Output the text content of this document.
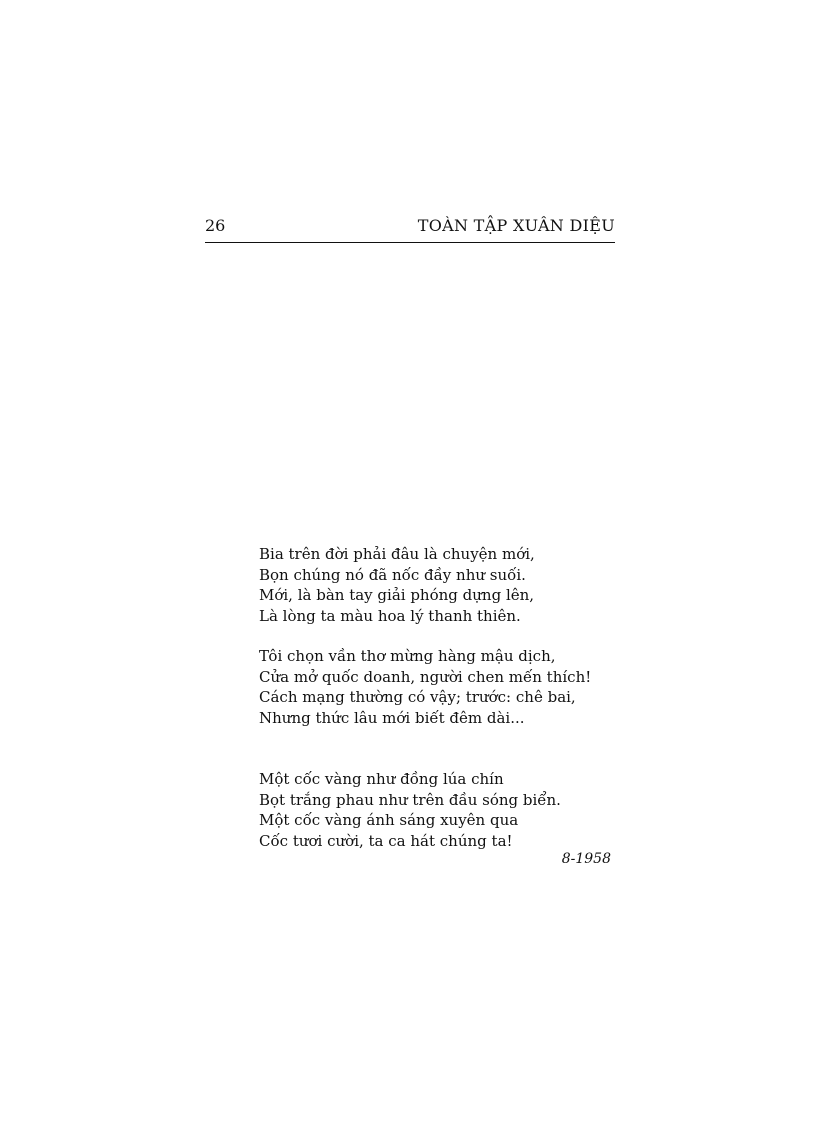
26	TOÀN TẬP XUÂN DIỆU
Bia trên đời phải đâu là chuyện mới,
Bọn chúng nó đã nốc đầy như suối.
Mới, là bàn tay giải phóng dựng lên,
Là lòng ta màu hoa lý thanh thiên.
Tôi chọn vần thơ mừng hàng mậu dịch,
Cửa mở quốc doanh, người chen mến thích!
Cách mạng thường có vậy; trước: chê bai,
Nhưng thức lâu mới biết đêm dài...
Một cốc vàng như đồng lúa chín
Bọt trắng phau như trên đầu sóng biển.
Một cốc vàng ánh sáng xuyên qua
Cốc tươi cười, ta ca hát chúng ta!
8-1958
